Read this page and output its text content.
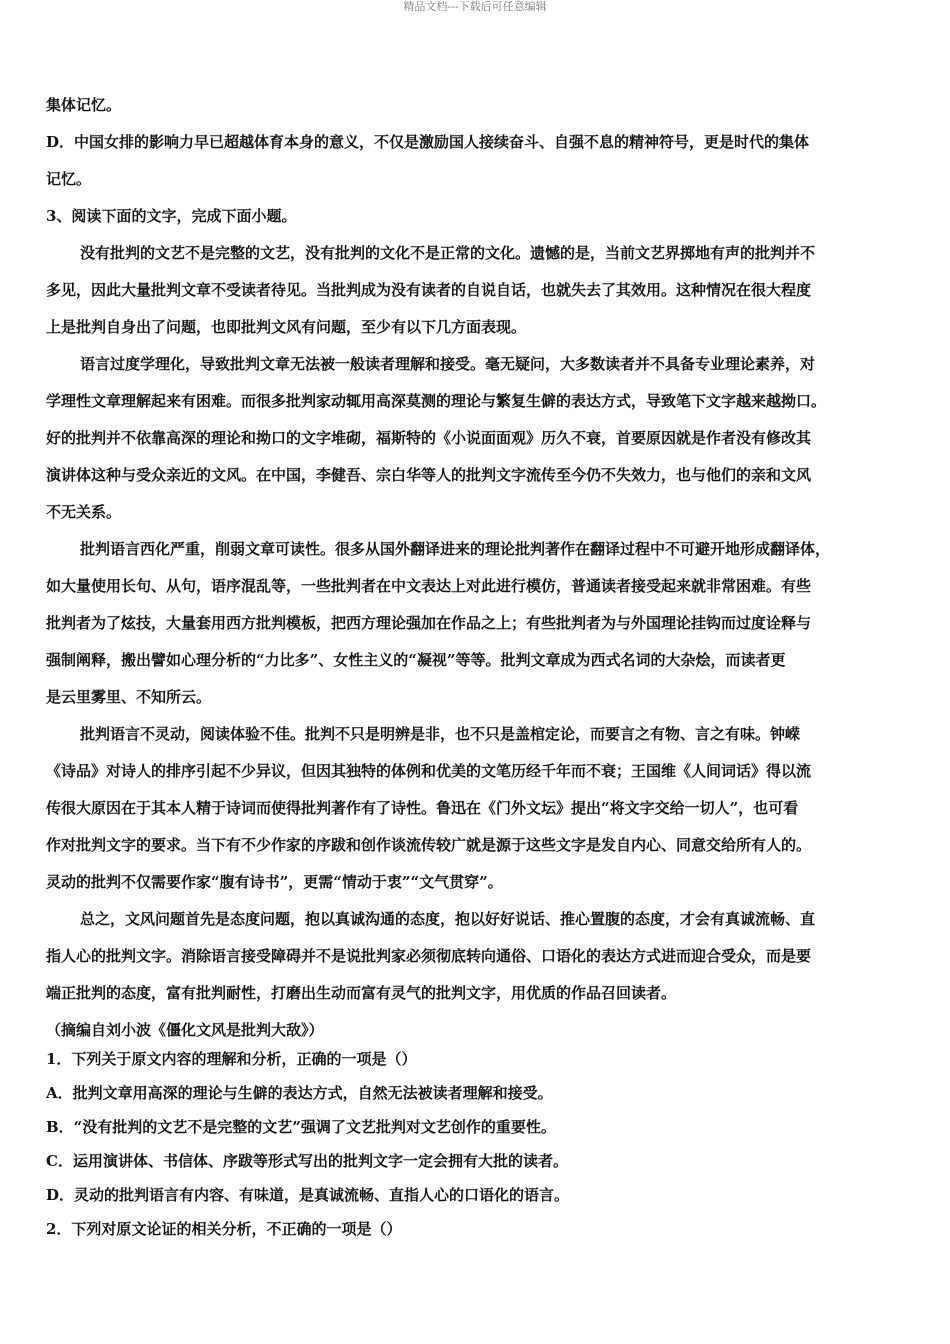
精品文档---下载后可任意编辑
集体记忆。
D．中国女排的影响力早已超越体育本身的意义，不仅是激励国人接续奋斗、自强不息的精神符号，更是时代的集体
记忆。
3、阅读下面的文字，完成下面小题。
没有批判的文艺不是完整的文艺，没有批判的文化不是正常的文化。遗憾的是，当前文艺界掷地有声的批判并不
多见，因此大量批判文章不受读者待见。当批判成为没有读者的自说自话，也就失去了其效用。这种情况在很大程度
上是批判自身出了问题，也即批判文风有问题，至少有以下几方面表现。
语言过度学理化，导致批判文章无法被一般读者理解和接受。毫无疑问，大多数读者并不具备专业理论素养，对
学理性文章理解起来有困难。而很多批判家动辄用高深莫测的理论与繁复生僻的表达方式，导致笔下文字越来越拗口。
好的批判并不依靠高深的理论和拗口的文字堆砌，福斯特的《小说面面观》历久不衰，首要原因就是作者没有修改其
演讲体这种与受众亲近的文风。在中国，李健吾、宗白华等人的批判文字流传至今仍不失效力，也与他们的亲和文风
不无关系。
批判语言西化严重，削弱文章可读性。很多从国外翻译进来的理论批判著作在翻译过程中不可避开地形成翻译体，
如大量使用长句、从句，语序混乱等，一些批判者在中文表达上对此进行模仿，普通读者接受起来就非常困难。有些
批判者为了炫技，大量套用西方批判模板，把西方理论强加在作品之上；有些批判者为与外国理论挂钩而过度诠释与
强制阐释，搬出譬如心理分析的“力比多”、女性主义的“凝视”等等。批判文章成为西式名词的大杂烩，而读者更
是云里雾里、不知所云。
批判语言不灵动，阅读体验不佳。批判不只是明辨是非，也不只是盖棺定论，而要言之有物、言之有味。钟嵘
《诗品》对诗人的排序引起不少异议，但因其独特的体例和优美的文笔历经千年而不衰；王国维《人间词话》得以流
传很大原因在于其本人精于诗词而使得批判著作有了诗性。鲁迅在《门外文坛》提出“将文字交给一切人”，也可看
作对批判文字的要求。当下有不少作家的序跋和创作谈流传较广就是源于这些文字是发自内心、同意交给所有人的。
灵动的批判不仅需要作家“腹有诗书”，更需“情动于衷”“文气贯穿”。
总之，文风问题首先是态度问题，抱以真诚沟通的态度，抱以好好说话、推心置腹的态度，才会有真诚流畅、直
指人心的批判文字。消除语言接受障碍并不是说批判家必须彻底转向通俗、口语化的表达方式进而迎合受众，而是要
端正批判的态度，富有批判耐性，打磨出生动而富有灵气的批判文字，用优质的作品召回读者。
（摘编自刘小波《僵化文风是批判大敌》）
1．下列关于原文内容的理解和分析，正确的一项是（）
A．批判文章用高深的理论与生僻的表达方式，自然无法被读者理解和接受。
B．“没有批判的文艺不是完整的文艺”强调了文艺批判对文艺创作的重要性。
C．运用演讲体、书信体、序跋等形式写出的批判文字一定会拥有大批的读者。
D．灵动的批判语言有内容、有味道，是真诚流畅、直指人心的口语化的语言。
2．下列对原文论证的相关分析，不正确的一项是（）
